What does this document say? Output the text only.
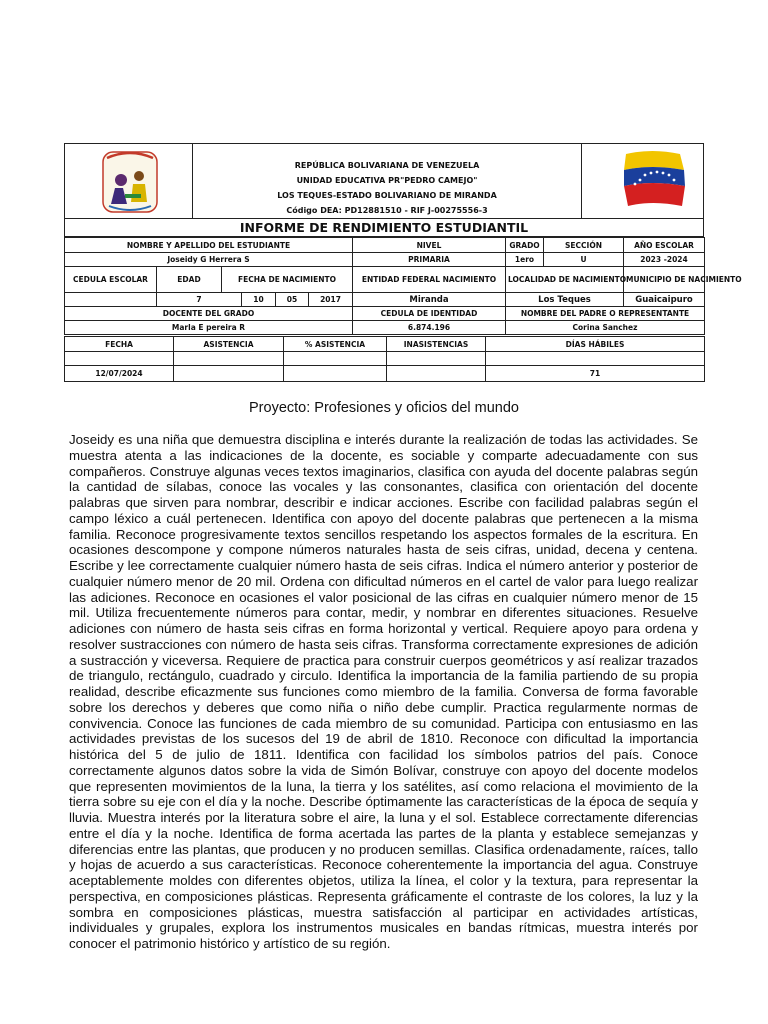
REPÚBLICA BOLIVARIANA DE VENEZUELA
UNIDAD EDUCATIVA PR"PEDRO CAMEJO"
LOS TEQUES-ESTADO BOLIVARIANO DE MIRANDA
Código DEA: PD12881510 - RIF J-00275556-3
INFORME DE RENDIMIENTO ESTUDIANTIL
NOMBRE Y APELLIDO DEL ESTUDIANTE						NIVEL	GRADO	SECCIÓN	AÑO ESCOLAR
Joseidy G Herrera S						PRIMARIA	1ero	U	2023 -2024
CEDULA ESCOLAR	EDAD	FECHA DE NACIMIENTO				ENTIDAD FEDERAL NACIMIENTO	LOCALIDAD DE NACIMIENTO		MUNICIPIO DE NACIMIENTO
	7		10	05	2017	Miranda	Los Teques		Guaicaipuro
DOCENTE DEL GRADO						CEDULA DE IDENTIDAD	NOMBRE DEL PADRE O REPRESENTANTE		
Marla E pereira R						6.874.196	Corina Sanchez		
FECHA	ASISTENCIA	% ASISTENCIA	INASISTENCIAS	DÍAS HÁBILES

12/07/2024				71
Proyecto: Profesiones y oficios del mundo

Joseidy es una niña que demuestra disciplina e interés durante la realización de todas las actividades. Se muestra atenta a las indicaciones de la docente, es sociable y comparte adecuadamente con sus compañeros. Construye algunas veces textos imaginarios, clasifica con ayuda del docente palabras según la cantidad de sílabas, conoce las vocales y las consonantes, clasifica con orientación del docente palabras que sirven para nombrar, describir e indicar acciones. Escribe con facilidad palabras según el campo léxico a cuál pertenecen. Identifica con apoyo del docente palabras que pertenecen a la misma familia. Reconoce progresivamente textos sencillos respetando los aspectos formales de la escritura. En ocasiones descompone y compone números naturales hasta de seis cifras, unidad, decena y centena. Escribe y lee correctamente cualquier número hasta de seis cifras. Indica el número anterior y posterior de cualquier número menor de 20 mil. Ordena con dificultad números en el cartel de valor para luego realizar las adiciones. Reconoce en ocasiones el valor posicional de las cifras en cualquier número menor de 15 mil. Utiliza frecuentemente números para contar, medir, y nombrar en diferentes situaciones. Resuelve adiciones con número de hasta seis cifras en forma horizontal y vertical. Requiere apoyo para ordena y resolver sustracciones con número de hasta seis cifras. Transforma correctamente expresiones de adición a sustracción y viceversa. Requiere de practica para construir cuerpos geométricos y así realizar trazados de triangulo, rectángulo, cuadrado y circulo. Identifica la importancia de la familia partiendo de su propia realidad, describe eficazmente sus funciones como miembro de la familia. Conversa de forma favorable sobre los derechos y deberes que como niña o niño debe cumplir. Practica regularmente normas de convivencia. Conoce las funciones de cada miembro de su comunidad. Participa con entusiasmo en las actividades previstas de los sucesos del 19 de abril de 1810. Reconoce con dificultad la importancia histórica del 5 de julio de 1811. Identifica con facilidad los símbolos patrios del país. Conoce correctamente algunos datos sobre la vida de Simón Bolívar, construye con apoyo del docente modelos que representen movimientos de la luna, la tierra y los satélites, así como relaciona el movimiento de la tierra sobre su eje con el día y la noche. Describe óptimamente las características de la época de sequía y lluvia. Muestra interés por la literatura sobre el aire, la luna y el sol. Establece correctamente diferencias entre el día y la noche. Identifica de forma acertada las partes de la planta y establece semejanzas y diferencias entre las plantas, que producen y no producen semillas. Clasifica ordenadamente, raíces, tallo y hojas de acuerdo a sus características. Reconoce coherentemente la importancia del agua. Construye aceptablemente moldes con diferentes objetos, utiliza la línea, el color y la textura, para representar la perspectiva, en composiciones plásticas. Representa gráficamente el contraste de los colores, la luz y la sombra en composiciones plásticas, muestra satisfacción al participar en actividades artísticas, individuales y grupales, explora los instrumentos musicales en bandas rítmicas, muestra interés por conocer el patrimonio histórico y artístico de su región.
